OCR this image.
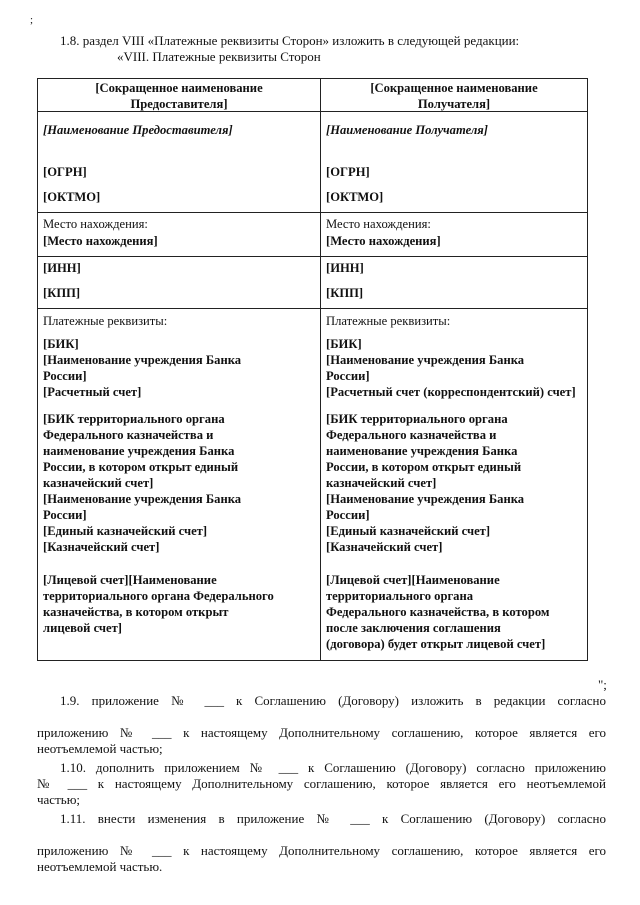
;
1.8. раздел VIII «Платежные реквизиты Сторон» изложить в следующей редакции:
«VIII. Платежные реквизиты Сторон
[Сокращенное наименование
Предоставителя]
[Наименование Предоставителя]
[ОГРН]
[ОКТМО]
Место нахождения:
[Место нахождения]
[ИНН]
[КПП]
Платежные реквизиты:
[БИК]
[Наименование учреждения Банка
России]
[Расчетный счет]
[БИК территориального органа
Федерального казначейства и
наименование учреждения Банка
России, в котором открыт единый
казначейский счет]
[Наименование учреждения Банка
России]
[Единый казначейский счет]
[Казначейский счет]
[Лицевой счет][Наименование
территориального органа Федерального
казначейства, в котором открыт
лицевой счет]
[Сокращенное наименование
Получателя]
[Наименование Получателя]
[ОГРН]
[ОКТМО]
Место нахождения:
[Место нахождения]
[ИНН]
[КПП]
Платежные реквизиты:
[БИК]
[Наименование учреждения Банка
России]
[Расчетный счет (корреспондентский) счет]
[БИК территориального органа
Федерального казначейства и
наименование учреждения Банка
России, в котором открыт единый
казначейский счет]
[Наименование учреждения Банка
России]
[Единый казначейский счет]
[Казначейский счет]
[Лицевой счет][Наименование
территориального органа
Федерального казначейства, в котором
после заключения соглашения
(договора) будет открыт лицевой счет]
";
1.9. приложение № ___ к Соглашению (Договору) изложить в редакции согласно
приложению № ___ к настоящему Дополнительному соглашению, которое является его
неотъемлемой частью;
1.10. дополнить приложением № ___ к Соглашению (Договору) согласно приложению
№ ___ к настоящему Дополнительному соглашению, которое является его неотъемлемой
частью;
1.11. внести изменения в приложение № ___ к Соглашению (Договору) согласно
приложению № ___ к настоящему Дополнительному соглашению, которое является его
неотъемлемой частью.
